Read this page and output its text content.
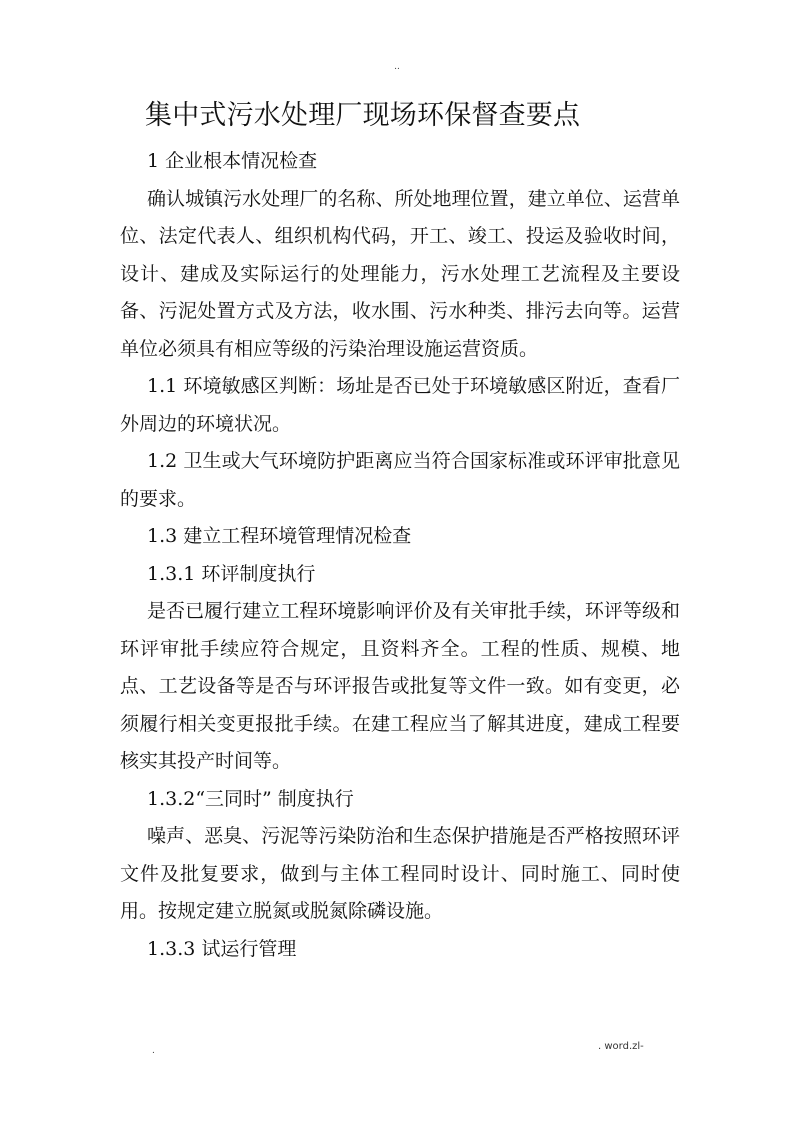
..
集中式污水处理厂现场环保督查要点

1 企业根本情况检查

确认城镇污水处理厂的名称、所处地理位置，建立单位、运营单位、法定代表人、组织机构代码，开工、竣工、投运及验收时间，设计、建成及实际运行的处理能力，污水处理工艺流程及主要设备、污泥处置方式及方法，收水围、污水种类、排污去向等。运营单位必须具有相应等级的污染治理设施运营资质。

1.1 环境敏感区判断：场址是否已处于环境敏感区附近，查看厂外周边的环境状况。

1.2 卫生或大气环境防护距离应当符合国家标准或环评审批意见的要求。

1.3 建立工程环境管理情况检查

1.3.1 环评制度执行

是否已履行建立工程环境影响评价及有关审批手续，环评等级和环评审批手续应符合规定，且资料齐全。工程的性质、规模、地点、工艺设备等是否与环评报告或批复等文件一致。如有变更，必须履行相关变更报批手续。在建工程应当了解其进度，建成工程要核实其投产时间等。

1.3.2“三同时” 制度执行

噪声、恶臭、污泥等污染防治和生态保护措施是否严格按照环评文件及批复要求，做到与主体工程同时设计、同时施工、同时使用。按规定建立脱氮或脱氮除磷设施。

1.3.3 试运行管理

.	. word.zl-
